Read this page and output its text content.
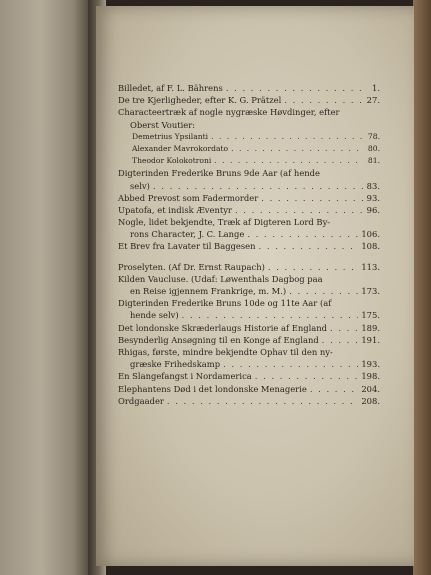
Billedet, af F. L. Bährens . . .	1.
De tre Kjerligheder, efter K. G. Prätzel . . .	27.
Characteertræk af nogle nygræske Høvdinger, efter
Oberst Voutier:
Demetrius Ypsilanti . . .	78.
Alexander Mavrokordato . . .	80.
Theodor Kolokotroni . . .	81.
Digterinden Frederike Bruns 9de Aar (af hende
selv) . . .	83.
Abbed Prevost som Fadermorder . . .	93.
Upatofa, et indisk Æventyr . . .	96.
Nogle, lidet bekjendte, Træk af Digteren Lord By-
rons Character, J. C. Lange . . .	106.
Et Brev fra Lavater til Baggesen . . .	108.
Proselyten. (Af Dr. Ernst Raupach) . . .	113.
Kilden Vaucluse. (Udaf: Løwenthals Dagbog paa
en Reise igjennem Frankrige, m. M.) . . .	173.
Digterinden Frederike Bruns 10de og 11te Aar (af
hende selv) . . .	175.
Det londonske Skræderlaugs Historie af England . . .	189.
Besynderlig Ansøgning til en Konge af England . . .	191.
Rhigas, første, mindre bekjendte Ophav til den ny-
græske Frihedskamp . . .	193.
En Slangefangst i Nordamerica . . .	198.
Elephantens Død i det londonske Menagerie . . .	204.
Ordgaader . . .	208.
